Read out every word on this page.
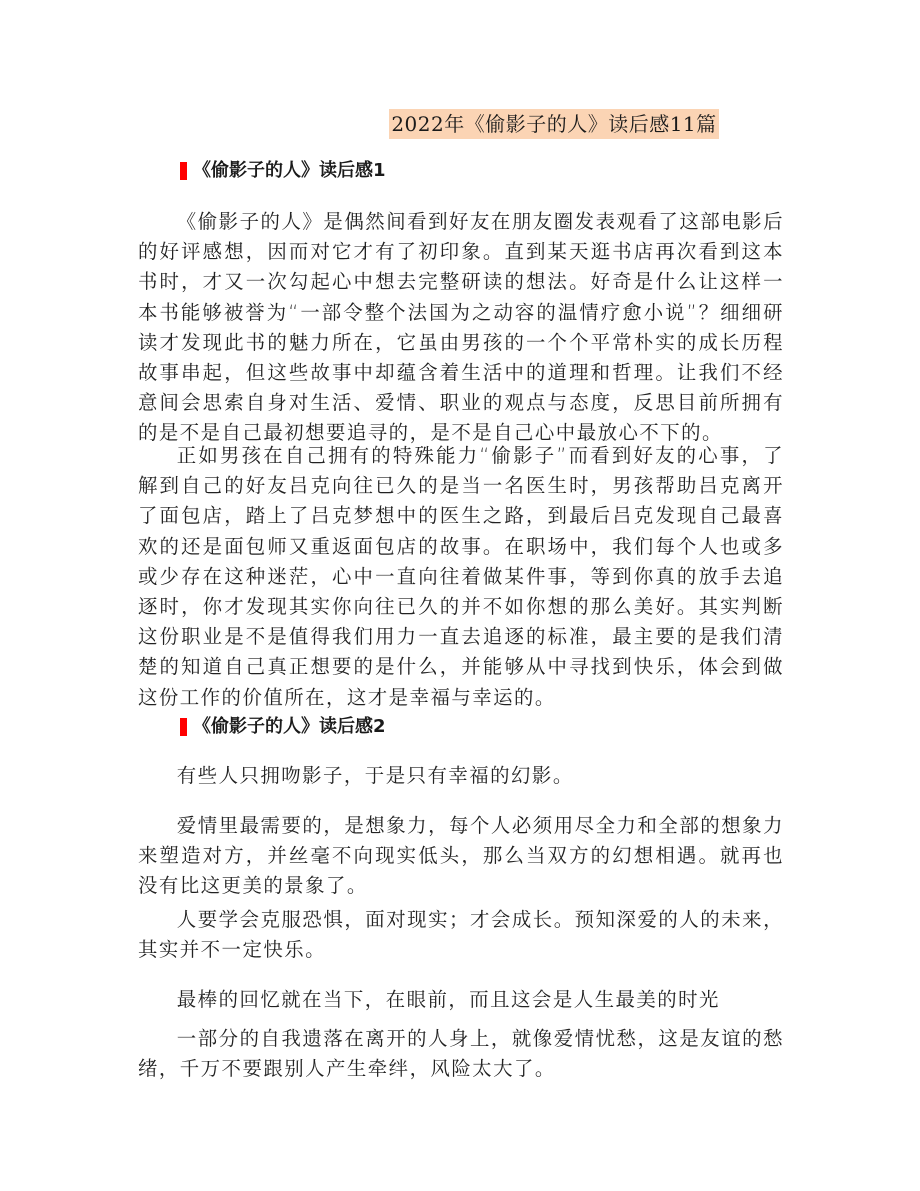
2022年《偷影子的人》读后感11篇
《偷影子的人》读后感1

《偷影子的人》是偶然间看到好友在朋友圈发表观看了这部电影后的好评感想，因而对它才有了初印象。直到某天逛书店再次看到这本书时，才又一次勾起心中想去完整研读的想法。好奇是什么让这样一本书能够被誉为“一部令整个法国为之动容的温情疗愈小说”？细细研读才发现此书的魅力所在，它虽由男孩的一个个平常朴实的成长历程故事串起，但这些故事中却蕴含着生活中的道理和哲理。让我们不经意间会思索自身对生活、爱情、职业的观点与态度，反思目前所拥有的是不是自己最初想要追寻的，是不是自己心中最放心不下的。

正如男孩在自己拥有的特殊能力“偷影子”而看到好友的心事，了解到自己的好友吕克向往已久的是当一名医生时，男孩帮助吕克离开了面包店，踏上了吕克梦想中的医生之路，到最后吕克发现自己最喜欢的还是面包师又重返面包店的故事。在职场中，我们每个人也或多或少存在这种迷茫，心中一直向往着做某件事，等到你真的放手去追逐时，你才发现其实你向往已久的并不如你想的那么美好。其实判断这份职业是不是值得我们用力一直去追逐的标准，最主要的是我们清楚的知道自己真正想要的是什么，并能够从中寻找到快乐，体会到做这份工作的价值所在，这才是幸福与幸运的。

《偷影子的人》读后感2

有些人只拥吻影子，于是只有幸福的幻影。

爱情里最需要的，是想象力，每个人必须用尽全力和全部的想象力来塑造对方，并丝毫不向现实低头，那么当双方的幻想相遇。就再也没有比这更美的景象了。

人要学会克服恐惧，面对现实；才会成长。预知深爱的人的未来，其实并不一定快乐。

最棒的回忆就在当下，在眼前，而且这会是人生最美的时光

一部分的自我遗落在离开的人身上，就像爱情忧愁，这是友谊的愁绪，千万不要跟别人产生牵绊，风险太大了。
